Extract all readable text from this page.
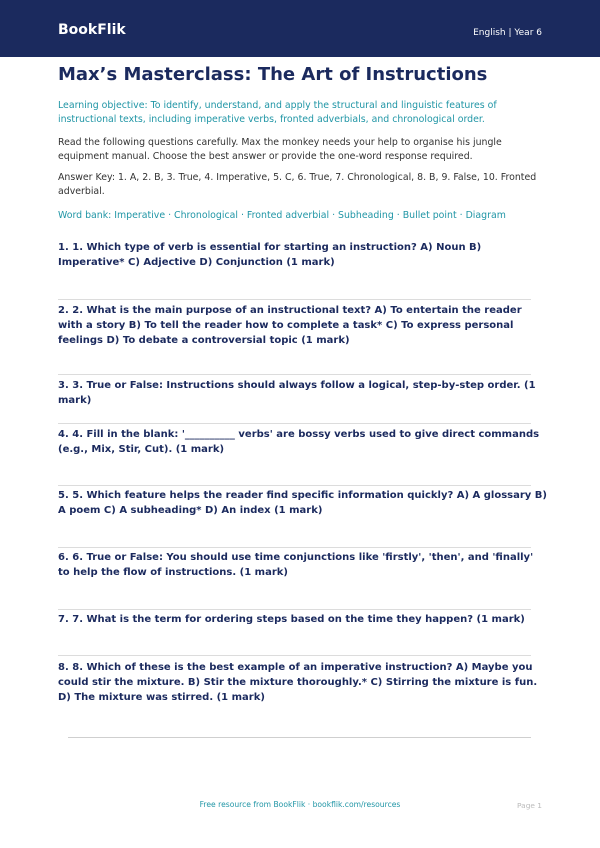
BookFlik	English | Year 6
Max’s Masterclass: The Art of Instructions
Learning objective: To identify, understand, and apply the structural and linguistic features of instructional texts, including imperative verbs, fronted adverbials, and chronological order.
Read the following questions carefully. Max the monkey needs your help to organise his jungle equipment manual. Choose the best answer or provide the one-word response required.
Answer Key: 1. A, 2. B, 3. True, 4. Imperative, 5. C, 6. True, 7. Chronological, 8. B, 9. False, 10. Fronted adverbial.
Word bank: Imperative · Chronological · Fronted adverbial · Subheading · Bullet point · Diagram
1. 1. Which type of verb is essential for starting an instruction? A) Noun B) Imperative* C) Adjective D) Conjunction (1 mark)
2. 2. What is the main purpose of an instructional text? A) To entertain the reader with a story B) To tell the reader how to complete a task* C) To express personal feelings D) To debate a controversial topic (1 mark)
3. 3. True or False: Instructions should always follow a logical, step-by-step order. (1 mark)
4. 4. Fill in the blank: '__________ verbs' are bossy verbs used to give direct commands (e.g., Mix, Stir, Cut). (1 mark)
5. 5. Which feature helps the reader find specific information quickly? A) A glossary B) A poem C) A subheading* D) An index (1 mark)
6. 6. True or False: You should use time conjunctions like 'firstly', 'then', and 'finally' to help the flow of instructions. (1 mark)
7. 7. What is the term for ordering steps based on the time they happen? (1 mark)
8. 8. Which of these is the best example of an imperative instruction? A) Maybe you could stir the mixture. B) Stir the mixture thoroughly.* C) Stirring the mixture is fun. D) The mixture was stirred. (1 mark)
Free resource from BookFlik · bookflik.com/resources	Page 1
